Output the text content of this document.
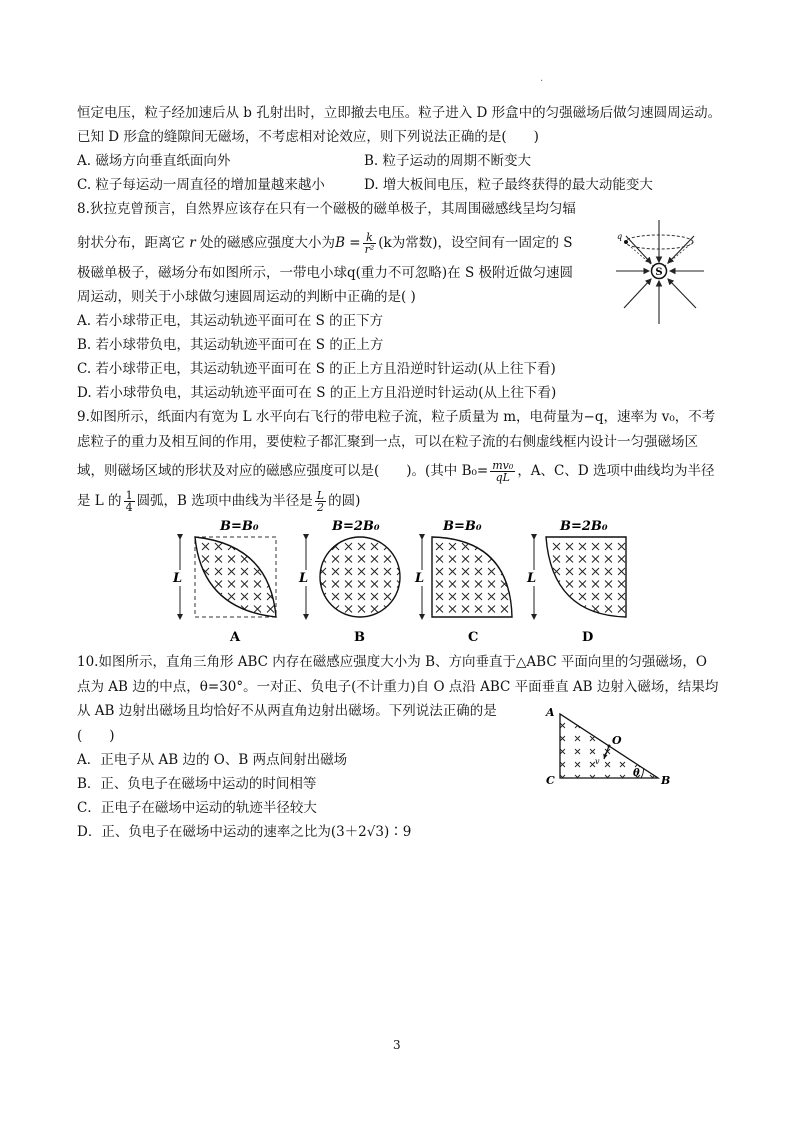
·
恒定电压，粒子经加速后从 b 孔射出时，立即撤去电压。粒子进入 D 形盒中的匀强磁场后做匀速圆周运动。
已知 D 形盒的缝隙间无磁场，不考虑相对论效应，则下列说法正确的是(　　)
A. 磁场方向垂直纸面向外	B. 粒子运动的周期不断变大
C. 粒子每运动一周直径的增加量越来越小	D. 增大板间电压，粒子最终获得的最大动能变大
8.狄拉克曾预言，自然界应该存在只有一个磁极的磁单极子，其周围磁感线呈均匀辐
射状分布，距离它 r 处的磁感应强度大小为$B = \frac{k}{\text{r²}} (k$为常数)，设空间有一固定的 S
极磁单极子，磁场分布如图所示，一带电小球q(重力不可忽略)在 S 极附近做匀速圆
周运动，则关于小球做匀速圆周运动的判断中正确的是( )
A. 若小球带正电，其运动轨迹平面可在 S 的正下方
B. 若小球带负电，其运动轨迹平面可在 S 的正上方
C. 若小球带正电，其运动轨迹平面可在 S 的正上方且沿逆时针运动(从上往下看)
D. 若小球带负电，其运动轨迹平面可在 S 的正上方且沿逆时针运动(从上往下看)
S
q
9.如图所示，纸面内有宽为 L 水平向右飞行的带电粒子流，粒子质量为 m，电荷量为−q，速率为 v₀，不考
虑粒子的重力及相互间的作用，要使粒子都汇聚到一点，可以在粒子流的右侧虚线框内设计一匀强磁场区
域，则磁场区域的形状及对应的磁感应强度可以是(　　)。(其中 $B_0= \frac{\text{mv₀}}{qL}$ ，A、C、D 选项中曲线均为半径
是 L 的 $\frac{1}{4}$ 圆弧，B 选项中曲线为半径是 $\frac{L}{2}$ 的圆)
B=B₀
L
A
B=2B₀
L
B
B=B₀
L
C
B=2B₀
L
D
10.如图所示，直角三角形 ABC 内存在磁感应强度大小为 B、方向垂直于△ABC 平面向里的匀强磁场，O
点为 AB 边的中点，θ=30°。一对正、负电子(不计重力)自 O 点沿 ABC 平面垂直 AB 边射入磁场，结果均
从 AB 边射出磁场且均恰好不从两直角边射出磁场。下列说法正确的是
(　　)
A．正电子从 AB 边的 O、B 两点间射出磁场
B．正、负电子在磁场中运动的时间相等
C．正电子在磁场中运动的轨迹半径较大
D．正、负电子在磁场中运动的速率之比为(3＋2√3)∶9
A
C	B
O
v
θ
3
